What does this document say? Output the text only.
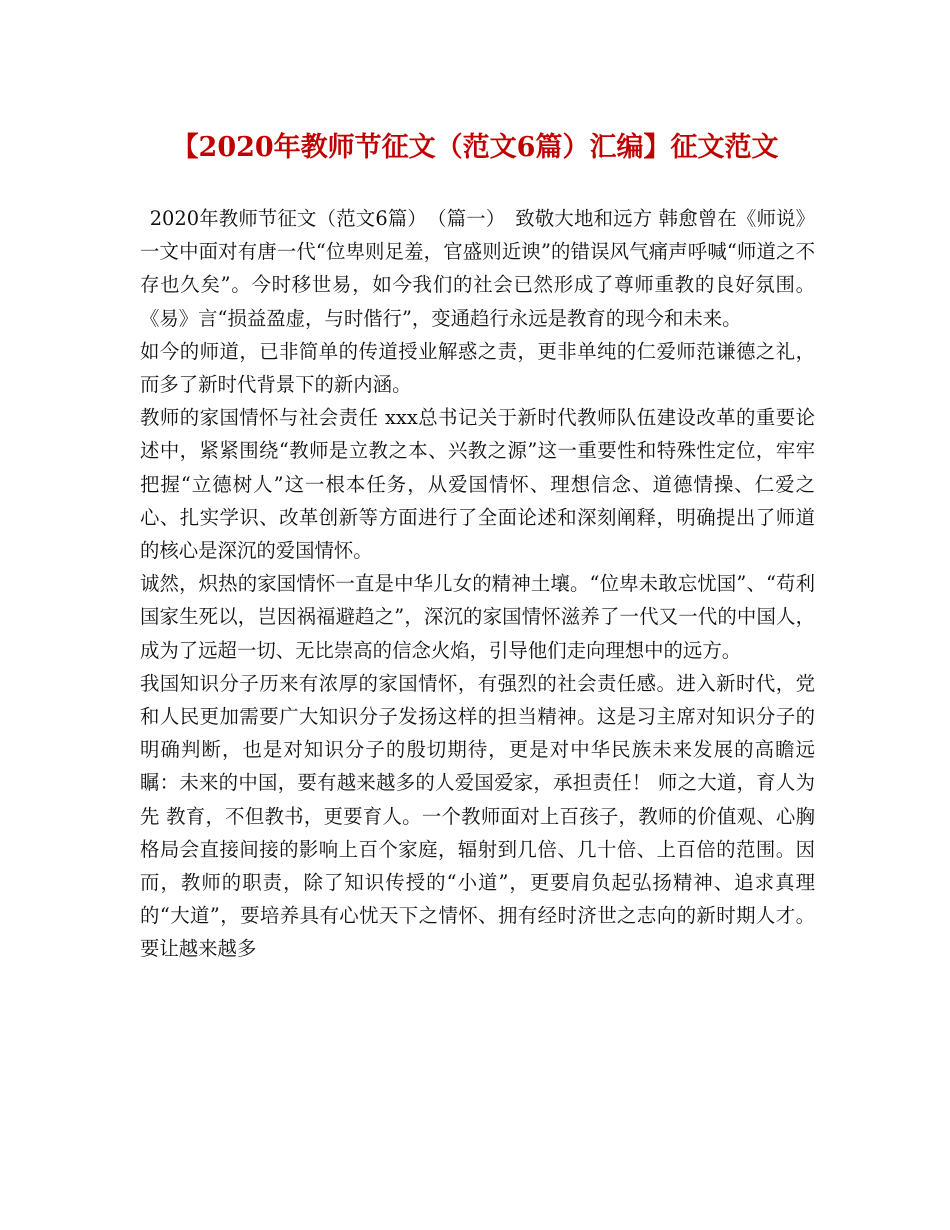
【2020年教师节征文（范文6篇）汇编】征文范文

2020年教师节征文（范文6篇）　（篇一）　致敬大地和远方 韩愈曾在《师说》一文中面对有唐一代“位卑则足羞，官盛则近谀”的错误风气痛声呼喊“师道之不存也久矣”。今时移世易，如今我们的社会已然形成了尊师重教的良好氛围。《易》言“损益盈虚，与时偕行”，变通趋行永远是教育的现今和未来。

如今的师道，已非简单的传道授业解惑之责，更非单纯的仁爱师范谦德之礼，而多了新时代背景下的新内涵。

教师的家国情怀与社会责任 xxx总书记关于新时代教师队伍建设改革的重要论述中，紧紧围绕“教师是立教之本、兴教之源”这一重要性和特殊性定位，牢牢把握“立德树人”这一根本任务，从爱国情怀、理想信念、道德情操、仁爱之心、扎实学识、改革创新等方面进行了全面论述和深刻阐释，明确提出了师道的核心是深沉的爱国情怀。

诚然，炽热的家国情怀一直是中华儿女的精神土壤。“位卑未敢忘忧国”、“苟利国家生死以，岂因祸福避趋之”，深沉的家国情怀滋养了一代又一代的中国人，成为了远超一切、无比崇高的信念火焰，引导他们走向理想中的远方。

我国知识分子历来有浓厚的家国情怀，有强烈的社会责任感。进入新时代，党和人民更加需要广大知识分子发扬这样的担当精神。这是习主席对知识分子的明确判断，也是对知识分子的殷切期待，更是对中华民族未来发展的高瞻远瞩：未来的中国，要有越来越多的人爱国爱家，承担责任！ 师之大道，育人为先 教育，不但教书，更要育人。一个教师面对上百孩子，教师的价值观、心胸格局会直接间接的影响上百个家庭，辐射到几倍、几十倍、上百倍的范围。因而，教师的职责，除了知识传授的“小道”，更要肩负起弘扬精神、追求真理的“大道”，要培养具有心忧天下之情怀、拥有经时济世之志向的新时期人才。要让越来越多
